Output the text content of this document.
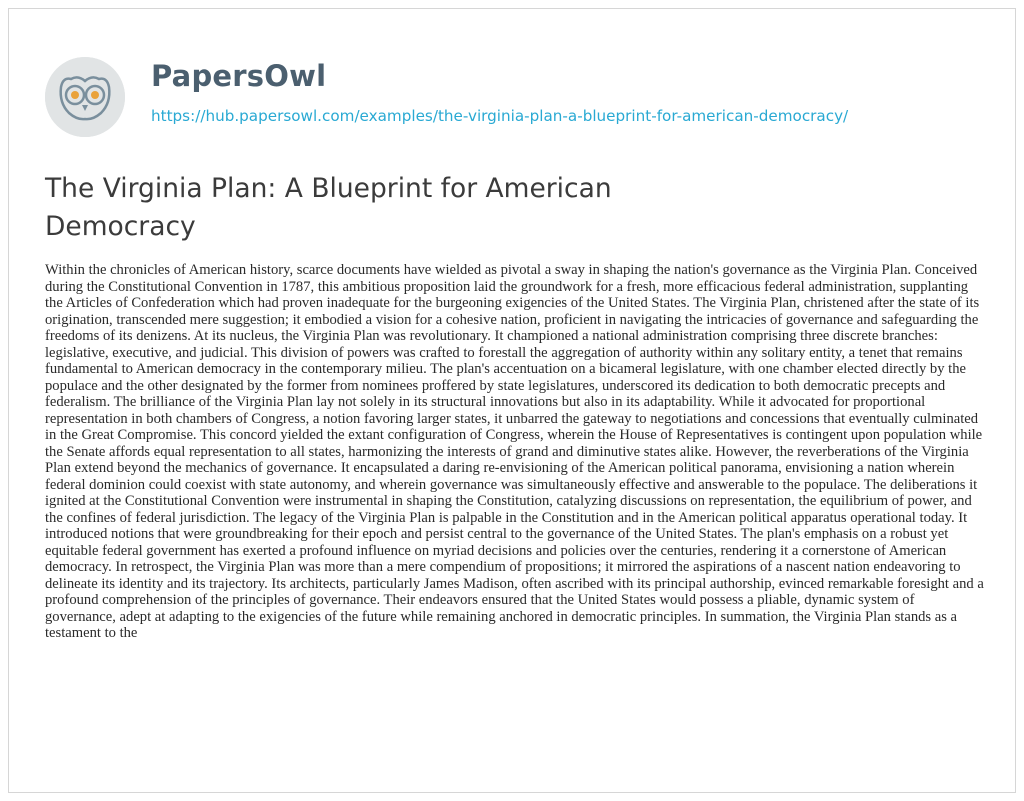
PapersOwl
https://hub.papersowl.com/examples/the-virginia-plan-a-blueprint-for-american-democracy/
The Virginia Plan: A Blueprint for American Democracy

Within the chronicles of American history, scarce documents have wielded as pivotal a sway in shaping the nation's governance as the Virginia Plan. Conceived during the Constitutional Convention in 1787, this ambitious proposition laid the groundwork for a fresh, more efficacious federal administration, supplanting the Articles of Confederation which had proven inadequate for the burgeoning exigencies of the United States. The Virginia Plan, christened after the state of its origination, transcended mere suggestion; it embodied a vision for a cohesive nation, proficient in navigating the intricacies of governance and safeguarding the freedoms of its denizens. At its nucleus, the Virginia Plan was revolutionary. It championed a national administration comprising three discrete branches: legislative, executive, and judicial. This division of powers was crafted to forestall the aggregation of authority within any solitary entity, a tenet that remains fundamental to American democracy in the contemporary milieu. The plan's accentuation on a bicameral legislature, with one chamber elected directly by the populace and the other designated by the former from nominees proffered by state legislatures, underscored its dedication to both democratic precepts and federalism. The brilliance of the Virginia Plan lay not solely in its structural innovations but also in its adaptability. While it advocated for proportional representation in both chambers of Congress, a notion favoring larger states, it unbarred the gateway to negotiations and concessions that eventually culminated in the Great Compromise. This concord yielded the extant configuration of Congress, wherein the House of Representatives is contingent upon population while the Senate affords equal representation to all states, harmonizing the interests of grand and diminutive states alike. However, the reverberations of the Virginia Plan extend beyond the mechanics of governance. It encapsulated a daring re-envisioning of the American political panorama, envisioning a nation wherein federal dominion could coexist with state autonomy, and wherein governance was simultaneously effective and answerable to the populace. The deliberations it ignited at the Constitutional Convention were instrumental in shaping the Constitution, catalyzing discussions on representation, the equilibrium of power, and the confines of federal jurisdiction. The legacy of the Virginia Plan is palpable in the Constitution and in the American political apparatus operational today. It introduced notions that were groundbreaking for their epoch and persist central to the governance of the United States. The plan's emphasis on a robust yet equitable federal government has exerted a profound influence on myriad decisions and policies over the centuries, rendering it a cornerstone of American democracy. In retrospect, the Virginia Plan was more than a mere compendium of propositions; it mirrored the aspirations of a nascent nation endeavoring to delineate its identity and its trajectory. Its architects, particularly James Madison, often ascribed with its principal authorship, evinced remarkable foresight and a profound comprehension of the principles of governance. Their endeavors ensured that the United States would possess a pliable, dynamic system of governance, adept at adapting to the exigencies of the future while remaining anchored in democratic principles. In summation, the Virginia Plan stands as a testament to the
